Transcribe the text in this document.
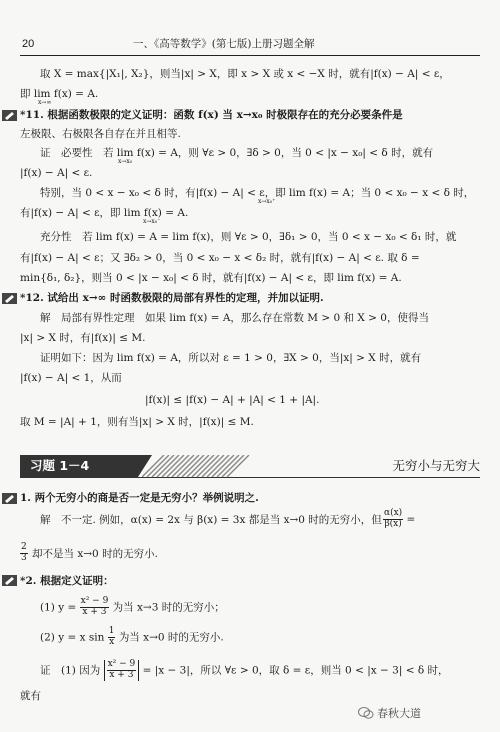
20	一、《高等数学》(第七版)上册习题全解
取 X = max{|X₁|, X₂}，则当|x| > X，即 x > X 或 x < −X 时，就有|f(x) − A| < ε，
即 lim f(x) = A.
x→∞
*11. 根据函数极限的定义证明：函数 f(x) 当 x→x₀ 时极限存在的充分必要条件是
左极限、右极限各自存在并且相等.
证　必要性　若 lim f(x) = A，则 ∀ε > 0，∃δ > 0，当 0 < |x − x₀| < δ 时，就有
x→x₀
|f(x) − A| < ε.
特别，当 0 < x − x₀ < δ 时，有|f(x) − A| < ε，即 lim f(x) = A；当 0 < x₀ − x < δ 时，
x→x₀⁺
有|f(x) − A| < ε，即 lim f(x) = A.
x→x₀⁻
充分性　若 lim f(x) = A = lim f(x)，则 ∀ε > 0，∃δ₁ > 0，当 0 < x − x₀ < δ₁ 时，就
有|f(x) − A| < ε；又 ∃δ₂ > 0，当 0 < x₀ − x < δ₂ 时，就有|f(x) − A| < ε. 取 δ =
min{δ₁, δ₂}，则当 0 < |x − x₀| < δ 时，就有|f(x) − A| < ε，即 lim f(x) = A.
*12. 试给出 x→∞ 时函数极限的局部有界性的定理，并加以证明.
解　局部有界性定理　如果 lim f(x) = A，那么存在常数 M > 0 和 X > 0，使得当
|x| > X 时，有|f(x)| ≤ M.
证明如下：因为 lim f(x) = A，所以对 ε = 1 > 0，∃X > 0，当|x| > X 时，就有
|f(x) − A| < 1，从而
|f(x)| ≤ |f(x) − A| + |A| < 1 + |A|.
取 M = |A| + 1，则有当|x| > X 时，|f(x)| ≤ M.
习题 1－4	无穷小与无穷大
1. 两个无穷小的商是否一定是无穷小？举例说明之.
解　不一定. 例如，α(x) = 2x 与 β(x) = 3x 都是当 x→0 时的无穷小，但 $\frac{\alpha(x)}{\beta(x)}$ =
$\frac{2}{3}$ 却不是当 x→0 时的无穷小.
*2. 根据定义证明：
(1) $y = \frac{\text{x² − 9}}{x + 3}$ 为当 x→3 时的无穷小；
(2) y = x $\sin \frac{1}{x}$ 为当 x→0 时的无穷小.
证　(1) 因为 $\frac{\text{x² − 9}}{x + 3} = |x - 3|$，所以 ∀ε > 0，取 δ = ε，则当 0 < |x − 3| < δ 时，
就有
春秋大道
